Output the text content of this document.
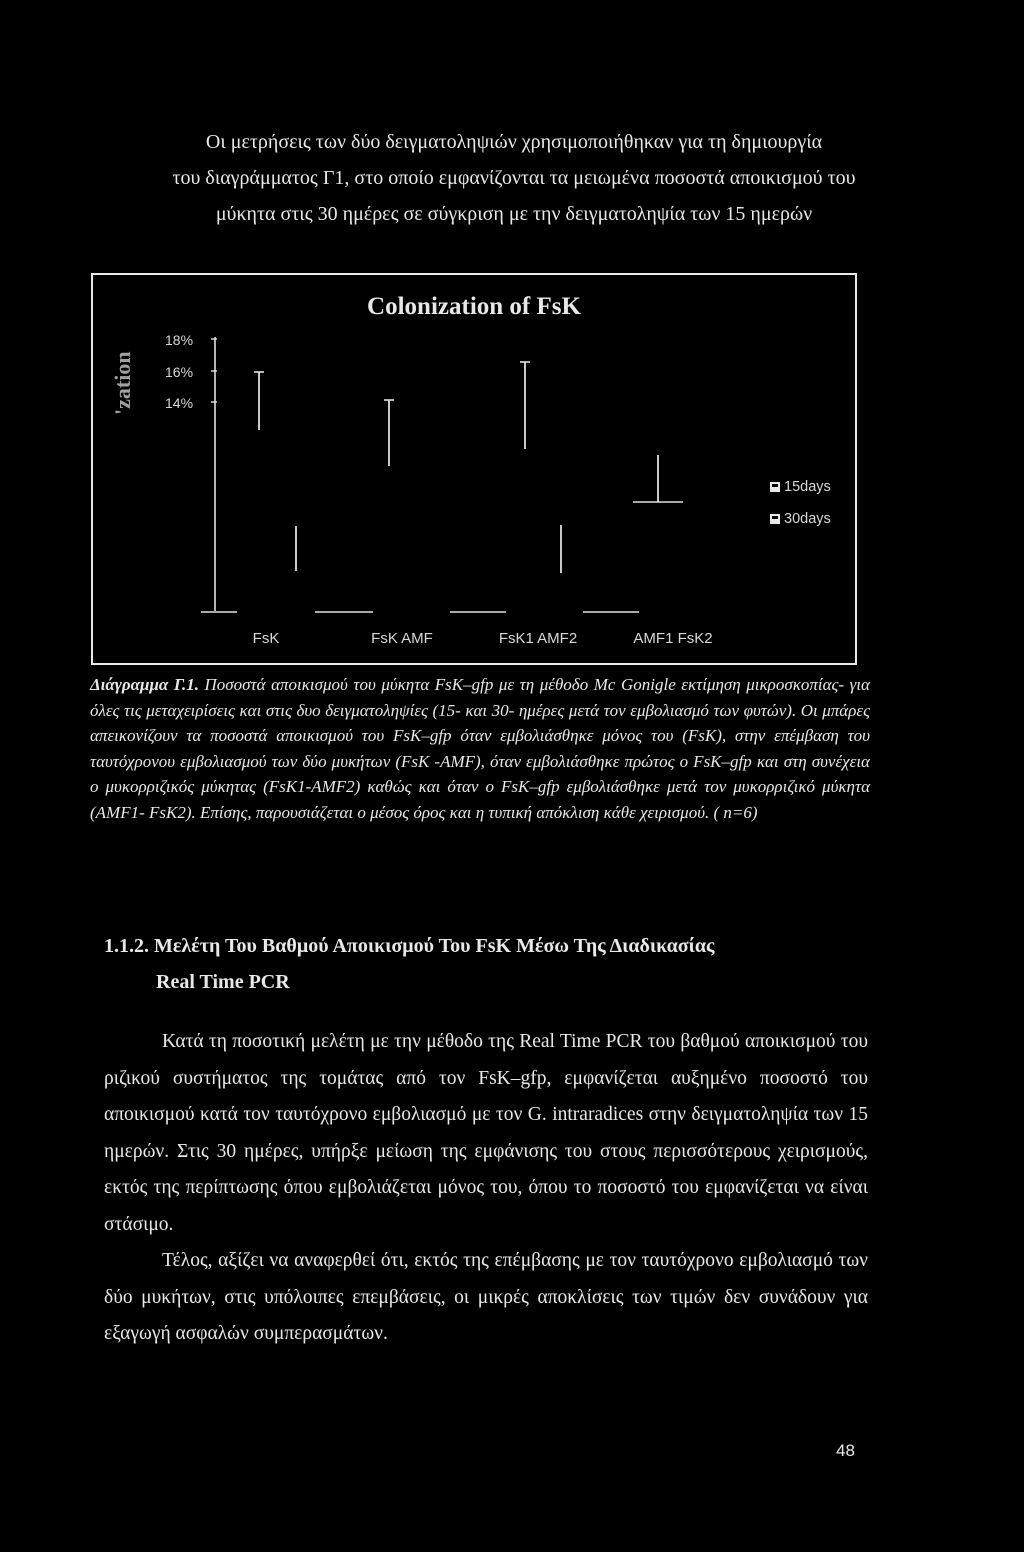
Οι μετρήσεις των δύο δειγματοληψιών χρησιμοποιήθηκαν για τη δημιουργία

του διαγράμματος Γ1, στο οποίο εμφανίζονται τα μειωμένα ποσοστά αποικισμού του

μύκητα στις 30 ημέρες σε σύγκριση με την δειγματοληψία των 15 ημερών

Colonization of FsK
'zation
18%
16%
14%
FsK	FsK AMF	FsK1 AMF2	AMF1 FsK2
15days
30days
Διάγραμμα Γ.1. Ποσοστά αποικισμού του μύκητα FsK–gfp με τη μέθοδο Mc Gonigle εκτίμηση μικροσκοπίας- για όλες τις μεταχειρίσεις και στις δυο δειγματοληψίες (15- και 30- ημέρες μετά τον εμβολιασμό των φυτών). Οι μπάρες απεικονίζουν τα ποσοστά αποικισμού του FsK–gfp όταν εμβολιάσθηκε μόνος του (FsK), στην επέμβαση του ταυτόχρονου εμβολιασμού των δύο μυκήτων (FsK -AMF), όταν εμβολιάσθηκε πρώτος ο FsK–gfp και στη συνέχεια ο μυκορριζικός μύκητας (FsK1-AMF2) καθώς και όταν ο FsK–gfp εμβολιάσθηκε μετά τον μυκορριζικό μύκητα (AMF1- FsK2). Επίσης, παρουσιάζεται ο μέσος όρος και η τυπική απόκλιση κάθε χειρισμού. ( n=6)
1.1.2. Μελέτη Του Βαθμού Αποικισμού Του FsK Μέσω Της Διαδικασίας
Real Time PCR

Κατά τη ποσοτική μελέτη με την μέθοδο της Real Time PCR του βαθμού αποικισμού του ριζικού συστήματος της τομάτας από τον FsK–gfp, εμφανίζεται αυξημένο ποσοστό του αποικισμού κατά τον ταυτόχρονο εμβολιασμό με τον G. intraradices στην δειγματοληψία των 15 ημερών. Στις 30 ημέρες, υπήρξε μείωση της εμφάνισης του στους περισσότερους χειρισμούς, εκτός της περίπτωσης όπου εμβολιάζεται μόνος του, όπου το ποσοστό του εμφανίζεται να είναι στάσιμο.

Τέλος, αξίζει να αναφερθεί ότι, εκτός της επέμβασης με τον ταυτόχρονο εμβολιασμό των δύο μυκήτων, στις υπόλοιπες επεμβάσεις, οι μικρές αποκλίσεις των τιμών δεν συνάδουν για εξαγωγή ασφαλών συμπερασμάτων.

48
